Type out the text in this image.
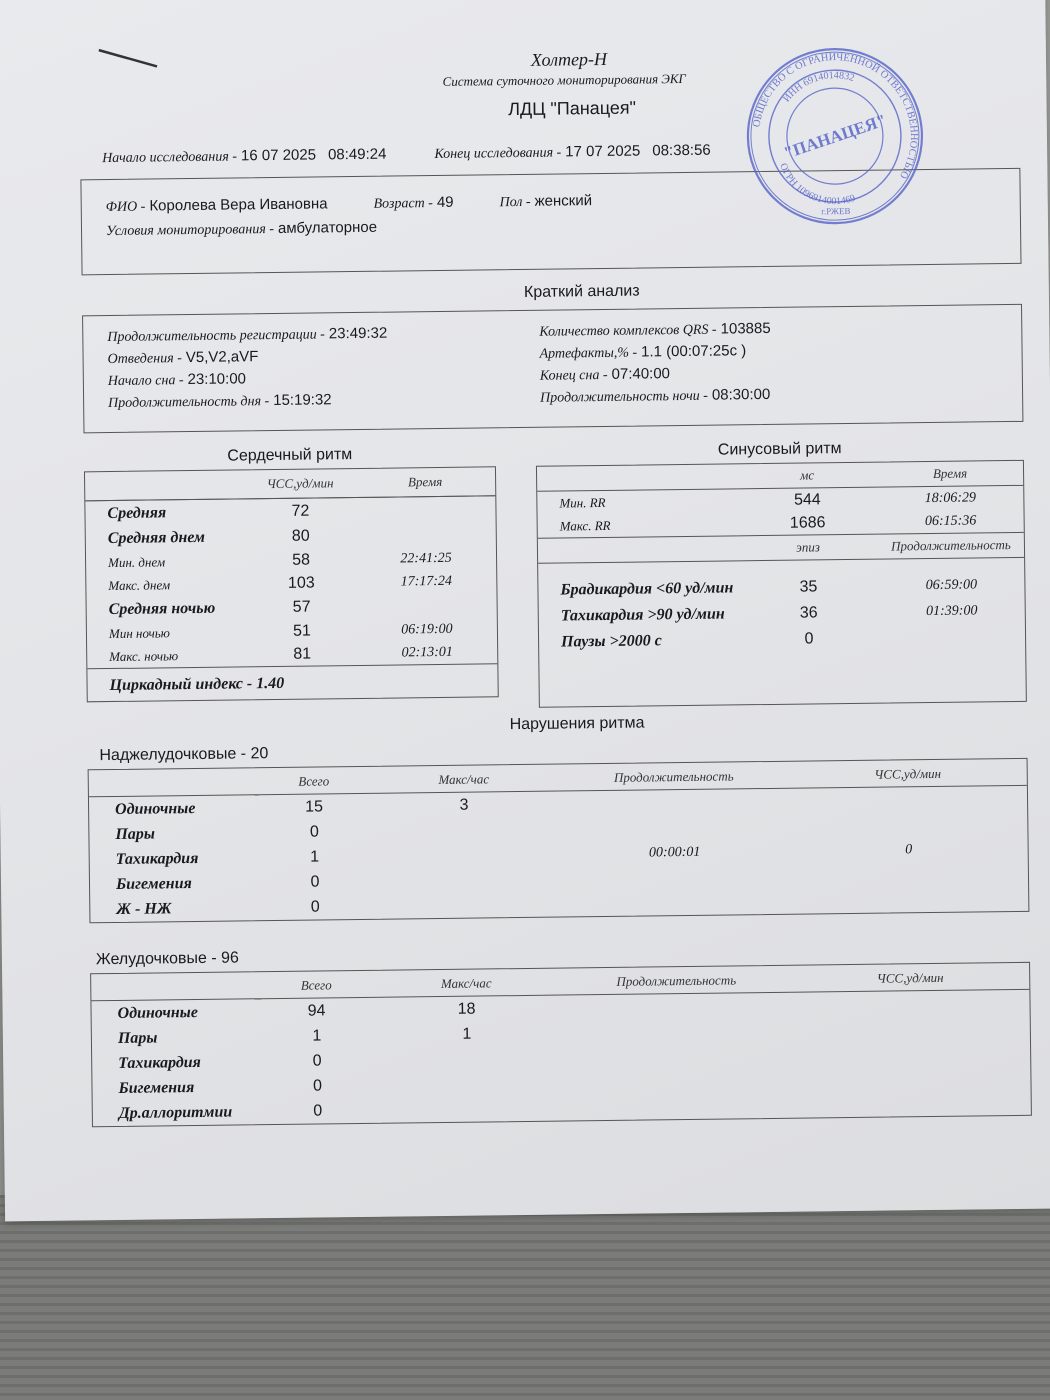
Холтер-Н
Система суточного мониторирования ЭКГ
ЛДЦ "Панацея"
ОБЩЕСТВО С ОГРАНИЧЕННОЙ ОТВЕТСТВЕННОСТЬЮ
ИНН 6914014832
ОГРН 1096914001469
"ПАНАЦЕЯ"
г.РЖЕВ
Начало исследования - 16 07 2025 08:49:24	Конец исследования - 17 07 2025 08:38:56
ФИО - Королева Вера Ивановна	Возраст - 49	Пол - женский
Условия мониторирования - амбулаторное
Краткий анализ
Продолжительность регистрации - 23:49:32
Отведения - V5,V2,aVF
Начало сна - 23:10:00
Продолжительность дня - 15:19:32
Количество комплексов QRS - 103885
Артефакты,% - 1.1 (00:07:25с )
Конец сна - 07:40:00
Продолжительность ночи - 08:30:00
Сердечный ритм
	ЧСС,уд/мин	Время
Средняя	72	
Средняя днем	80	
Мин. днем	58	22:41:25
Макс. днем	103	17:17:24
Средняя ночью	57	
Мин ночью	51	06:19:00
Макс. ночью	81	02:13:01
Циркадный индекс - 1.40
Синусовый ритм
	мс	Время
Мин. RR	544	18:06:29
Макс. RR	1686	06:15:36
	эпиз	Продолжительность

Брадикардия <60 уд/мин	35	06:59:00
Тахикардия >90 уд/мин	36	01:39:00
Паузы >2000 с	0	
Нарушения ритма
Наджелудочковые - 20
	Всего	Макс/час	Продолжительность	ЧСС,уд/мин
Одиночные	15	3		
Пары	0			
Тахикардия	1		00:00:01	0
Бигемения	0			
Ж - НЖ	0			
Желудочковые - 96
	Всего	Макс/час	Продолжительность	ЧСС,уд/мин
Одиночные	94	18		
Пары	1	1		
Тахикардия	0			
Бигемения	0			
Др.аллоритмии	0			
